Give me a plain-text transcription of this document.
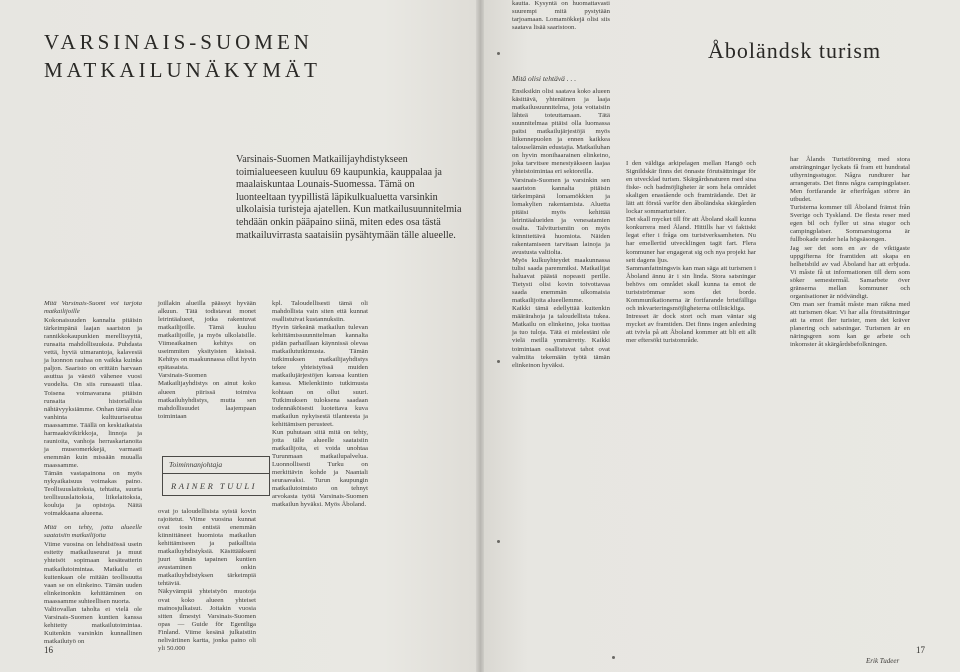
VARSINAIS-SUOMEN
MATKAILUNÄKYMÄT
Varsinais-Suomen Matkailijayhdistykseen toimialueeseen kuuluu 69 kaupunkia, kauppalaa ja maalaiskuntaa Lounais-Suomessa. Tämä on luonteeltaan tyypillistä läpikulkualuetta varsinkin ulkolaisia turisteja ajatellen. Kun matkailusuunnitelmia tehdään onkin pääpaino siinä, miten edes osa tästä matkailuvirrasta saataisiin pysähtymään tälle alueelle.

Mitä Varsinais-Suomi voi tarjota matkailijoille

Kokonaisuuden kannalta pitäisin tärkeimpänä laajan saariston ja rannikkokaupunkien merellisyyttä, runsaita mahdollisuuksia. Puhdasta vettä, hyviä uimarantoja, kalavesiä ja luonnon rauhaa on vaikka kuinka paljon. Saaristo on erittäin harvaan asuttua ja väestö vähenee vuosi vuodelta. On siis runsaasti tilaa. Toisena voimavarana pitäisin runsaita historiallisia nähtävyyksiämme. Onhan tämä alue vanhinta kulttuuriseutua maassamme. Täällä on keskiaikaisia harmaakivikirkkoja, linnoja ja raunioita, vanhoja herraskartanoita ja museomerkkejä, varmasti enemmän kuin missään muualla maassamme.

Tämän vastapainona on myös nykyaikaisuus voimakas paino. Teollisuuslaitoksia, tehtaita, suuria teollisuuslaitoksia, liikelaitoksia, kouluja ja opistoja. Näitä voimakkaana alueena.

Mitä on tehty, jotta alueelle saataisiin matkailijoita

Viime vuosina on lehdistössä usein esitetty matkailuseurat ja muut yhteisöt sopimaan kesäteatterin matkailutoimintaa. Matkailu ei kuitenkaan ole mitään teollisuutta vaan se on elinkeino. Tämän uuden elinkeinonkin kehittäminen on maassamme suhteellisen nuorta.

Valtiovallan taholta ei vielä ole Varsinais-Suomen kuntien kanssa kehitetty matkailutoimintaa. Kuitenkin varsinkin kunnallinen matkailutyö on

joillakin alueilla päässyt hyvään alkuun. Tätä todistavat monet leirintäalueet, jotka rakentuvat matkailijoille. Tämä kuuluu matkailijoille, ja myös ulkolaisille. Viimeaikainen kehitys on useimmiten yksityisten käsissä. Kehitys on maakunnassa ollut hyvin epätasaista.

Varsinais-Suomen Matkailijayhdistys on ainut koko alueen piirissä toimiva matkailuhyhdistys, mutta sen mahdollisuudet laajempaan toimintaan

Toiminnanjohtaja
RAINER TUULI

ovat jo taloudellisista syistä kovin rajoitetut. Viime vuosina kunnat ovat tosin entistä enemmän kiinnittäneet huomiota matkailun kehittämiseen ja paikallisia matkailuyhdistyksiä. Käsittääkseni juuri tämän tapainen kuntien avustaminen onkin matkailuyhdistyksen tärkeimpiä tehtäviä.

Näkyvämpiä yhteistyön muotoja ovat koko alueen yhteiset mainosjulkaisut. Joitakin vuosia sitten ilmestyi Varsinais-Suomen opas — Guide för Egentliga Finland. Viime kesänä julkaistiin neliväriinen kartta, jonka paino oli yli 50.000

kpl. Taloudellisesti tämä oli mahdollista vain siten että kunnat osallistuivat kustannuksiin.

Hyvin tärkeänä matkailun tulevan kehittämissuunnitelman kannalta pidän parhaillaan käynnissä olevaa matkailututkimusta. Tämän tutkimuksen matkailijayhdistys tekee yhteistyössä muiden matkailujärjestöjen kanssa kuntien kanssa. Mielenkiinto tutkimusta kohtaan on ollut suuri. Tutkimuksen tuloksena saadaan todennäköisesti luotettava kuva matkailun nykyisestä tilanteesta ja kehittämisen perusteet.

Kun puhutaan siitä mitä on tehty, jotta tälle alueelle saataisiin matkailijoita, ei voida unohtaa Turunmaan matkailupalvelua. Luonnollisesti Turku on merkittävin kohde ja Naantali seuraavaksi. Turun kaupungin matkailutoimisto on tehnyt arvokasta työtä Varsinais-Suomen matkailun hyväksi. Myös Åboland.

16

kautta. Kysyntä on huomattavasti suurempi mitä pystytään tarjoamaan. Lomamökkejä olisi siis saatava lisää saaristoon.

Mitä olisi tehtävä . . .

Ensiksikin olisi saatava koko alueen käsittävä, yhtenäinen ja laaja matkailusuunnitelma, jota voitaisiin lähteä toteuttamaan. Tätä suunnitelmaa pitäisi olla luomassa paitsi matkailujärjestöjä myös liikennepuolen ja ennen kaikkea talouselämän edustajia. Matkailuhan on hyvin monihaarainen elinkeino, joka tarvitsee menestyäkseen laajaa yhteistoimintaa eri sektoreilla.

Varsinais-Suomen ja varsinkin sen saariston kannalta pitäisin tärkeimpänä lomamökkien ja lomakylien rakentamista. Aluetta pitäisi myös kehittää leirintäalueiden ja venesatamien osalta. Talviturismiin on myös kiinnitettävä huomiota. Näiden rakentamiseen tarvitaan lainoja ja avustusta valtiolta.

Myös kulkuyhteydet maakunnassa tulisi saada paremmiksi. Matkailijat haluavat päästä nopeasti perille. Tietysti olisi kovin toivottavaa saada enemmän ulkomaisia matkailijoita alueellemme.

Kaikki tämä edellyttää kuitenkin määrärahoja ja taloudellista tukea. Matkailu on elinkeino, joka tuottaa ja tuo tuloja. Tätä ei mielestäni ole vielä meillä ymmärretty. Kaikki toimintaan osallistuvat tahot ovat valmiita tekemään työtä tämän elinkeinon hyväksi.

Åboländsk turism

I den väldiga arkipelagen mellan Hangö och Signildskär finns det önnaste förutsättningar för en utvecklad turism. Skärgårdsnaturen med sina fiske- och badmöjligheter är som hela området skaligen enastående och framträdande. Det är lätt att förstå varför den åboländska skärgården lockar sommarturister.

Det skall mycket till för att Åboland skall kunna konkurrera med Åland. Hittills har vi faktiskt legat efter i fråga om turistverksamheten. Nu har emellertid utvecklingen tagit fart. Flera kommuner har engagerat sig och nya projekt har sett dagens ljus.

Sammanfattningsvis kan man säga att turismen i Åboland ännu är i sin linda. Stora satsningar behövs om området skall kunna ta emot de turistströmmar som det borde. Kommunikationerna är fortfarande bristfälliga och inkvarteringsmöjligheterna otillräckliga.

Intresset är dock stort och man väntar sig mycket av framtiden. Det finns ingen anledning att tvivla på att Åboland kommer att bli ett allt mer eftersökt turistområde.

har Ålands Turistförening med stora ansträngningar lyckats få fram ett hundratal uthyrningsstugor. Några rundturer har arrangerats. Det finns några campingplatser. Men fortfarande är efterfrågan större än utbudet.

Turisterna kommer till Åboland främst från Sverige och Tyskland. De flesta reser med egen bil och fyller ut sina stugor och campingplatser. Sommarstugorna är fullbokade under hela högsäsongen.

Jag ser det som en av de viktigaste uppgifterna för framtiden att skapa en helhetsbild av vad Åboland har att erbjuda. Vi måste få ut informationen till dem som söker semestermål. Samarbete över gränserna mellan kommuner och organisationer är nödvändigt.

Om man ser framåt måste man räkna med att turismen ökar. Vi har alla förutsättningar att ta emot fler turister, men det kräver planering och satsningar. Turismen är en näringsgren som kan ge arbete och inkomster åt skärgårdsbefolkningen.

Erik Tudeer
17
